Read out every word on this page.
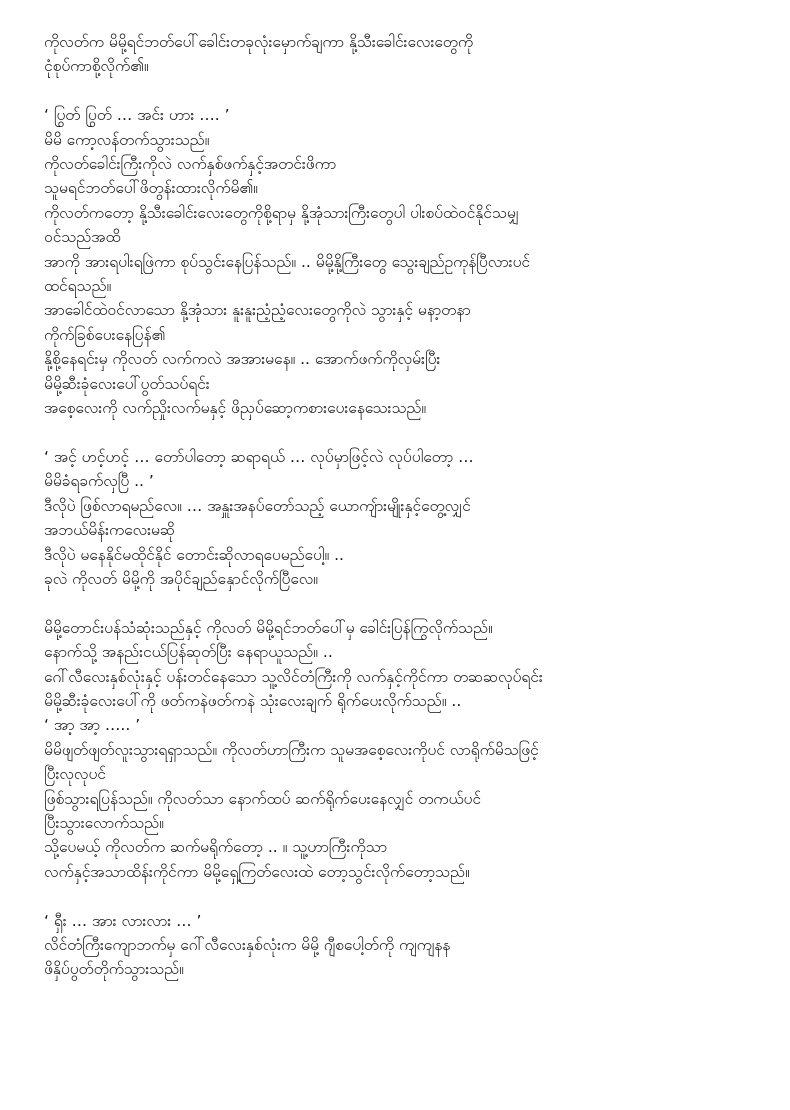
ကိုလတ်က မိမို့ရင်ဘတ်ပေါ်ခေါင်းတခုလုံးမှောက်ချကာ နို့သီးခေါင်းလေးတွေကို
ငုံစုပ်ကာစို့လိုက်၏။
‘ ပြွတ် ပြွတ် … အင်း ဟား …. ’
မိမိ ကော့လန်တက်သွားသည်။
ကိုလတ်ခေါင်းကြီးကိုလဲ လက်နှစ်ဖက်နှင့်အတင်းဖိကာ
သူမရင်ဘတ်ပေါ်ဖိတွန်းထားလိုက်မိ၏။
ကိုလတ်ကတော့ နို့သီးခေါင်းလေးတွေကိုစို့ရာမှ နို့အုံသားကြီးတွေပါ ပါးစပ်ထဲဝင်နိုင်သမျှ
ဝင်သည်အထိ
အာကို အားရပါးရဖြဲကာ စုပ်သွင်းနေပြန်သည်။ .. မိမို့နို့ကြီးတွေ သွေးချည်ဥကုန်ပြီလားပင်
ထင်ရသည်။
အာခေါင်ထဲဝင်လာသော နို့အုံသား နူးနူးညံ့ညံ့လေးတွေကိုလဲ သွားနှင့် မနာ့တနာ
ကိုက်ခြစ်ပေးနေပြန်၏
နို့စို့နေရင်းမှ ကိုလတ် လက်ကလဲ အအားမနေ။ .. အောက်ဖက်ကိုလှမ်းပြီး
မိမို့ဆီးခုံလေးပေါ်ပွတ်သပ်ရင်း
အစေ့လေးကို လက်ညှိုးလက်မနှင့် ဖိညှပ်ဆော့ကစားပေးနေသေးသည်။
‘ အင့် ဟင့်ဟင့် … တော်ပါတော့ ဆရာရယ် … လုပ်မှာဖြင့်လဲ လုပ်ပါတော့ …
မိမိခံရခက်လှပြီ .. ’
ဒီလိုပဲ ဖြစ်လာရမည်လေ။ … အနှူးအနပ်တော်သည့် ယောကျ်ားမျိုးနှင့်တွေ့လျှင်
အဘယ်မိန်းကလေးမဆို
ဒီလိုပဲ မနေနိုင်မထိုင်နိုင် တောင်းဆိုလာရပေမည်ပေါ့။ ..
ခုလဲ ကိုလတ် မိမို့ကို အပိုင်ချည်နှောင်လိုက်ပြီလေ။
မိမို့တောင်းပန်သံဆုံးသည်နှင့် ကိုလတ် မိမို့ရင်ဘတ်ပေါ်မှ ခေါင်းပြန်ကြွလိုက်သည်။
နောက်သို့ အနည်းငယ်ပြန်ဆုတ်ပြီး နေရာယူသည်။ ..
ဂေါ်လီလေးနှစ်လုံးနှင့် ပန်းတင်နေသော သူ့လိင်တံကြီးကို လက်နှင့်ကိုင်ကာ တဆဆလုပ်ရင်း
မိမို့ဆီးခုံလေးပေါ်ကို ဖတ်ကနဲဖတ်ကနဲ သုံးလေးချက် ရိုက်ပေးလိုက်သည်။ ..
‘ အာ့ အာ့ ….. ’
မိမိဖျတ်ဖျတ်လူးသွားရရှာသည်။ ကိုလတ်ဟာကြီးက သူမအစေ့လေးကိုပင် လာရိုက်မိသဖြင့်
ပြီးလုလုပင်
ဖြစ်သွားရပြန်သည်။ ကိုလတ်သာ နောက်ထပ် ဆက်ရိုက်ပေးနေလျှင် တကယ်ပင်
ပြီးသွားလောက်သည်။
သို့ပေမယ့် ကိုလတ်က ဆက်မရိုက်တော့ .. ။ သူ့ဟာကြီးကိုသာ
လက်နှင့်အသာထိန်းကိုင်ကာ မိမို့ရှေ့ကြတ်လေးထဲ တော့သွင်းလိုက်တော့သည်။
‘ ရှီး … အား လားလား … ’
လိင်တံကြီးကျောဘက်မှ ဂေါ်လီလေးနှစ်လုံးက မိမို့ ဂျီစပေါ့တ်ကို ကျကျနန
ဖိနှိပ်ပွတ်တိုက်သွားသည်။
